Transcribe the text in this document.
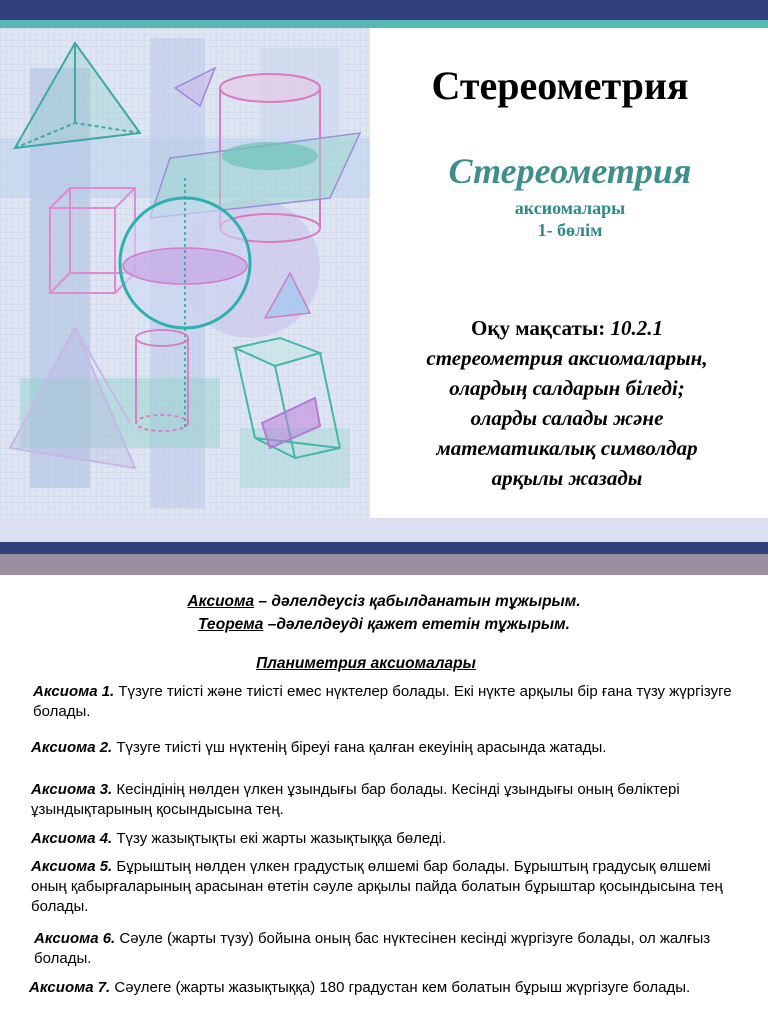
Стереометрия
Стереометрия
аксиомалары
1- бөлім
Оқу мақсаты: 10.2.1
стереометрия аксиомаларын,
олардың салдарын біледі;
оларды салады және
математикалық символдар
арқылы жазады
Аксиома – дәлелдеусіз қабылданатын тұжырым.
Теорема –дәлелдеуді қажет ететін тұжырым.
Планиметрия аксиомалары
Аксиома 1. Түзуге тиісті және тиісті емес нүктелер болады. Екі нүкте арқылы бір ғана түзу жүргізуге болады.
Аксиома 2. Түзуге тиісті үш нүктенің біреуі ғана қалған екеуінің арасында жатады.
Аксиома 3. Кесіндінің нөлден үлкен ұзындығы бар болады. Кесінді ұзындығы оның бөліктері ұзындықтарының қосындысына тең.
Аксиома 4. Түзу жазықтықты екі жарты жазықтыққа бөледі.
Аксиома 5. Бұрыштың нөлден үлкен градустық өлшемі бар болады. Бұрыштың градусық өлшемі оның қабырғаларының арасынан өтетін сәуле арқылы пайда болатын бұрыштар қосындысына тең болады.
Аксиома 6. Сәуле (жарты түзу) бойына оның бас нүктесінен кесінді жүргізуге болады, ол жалғыз болады.
Аксиома 7. Сәулеге (жарты жазықтыққа) 180 градустан кем болатын бұрыш жүргізуге болады.
